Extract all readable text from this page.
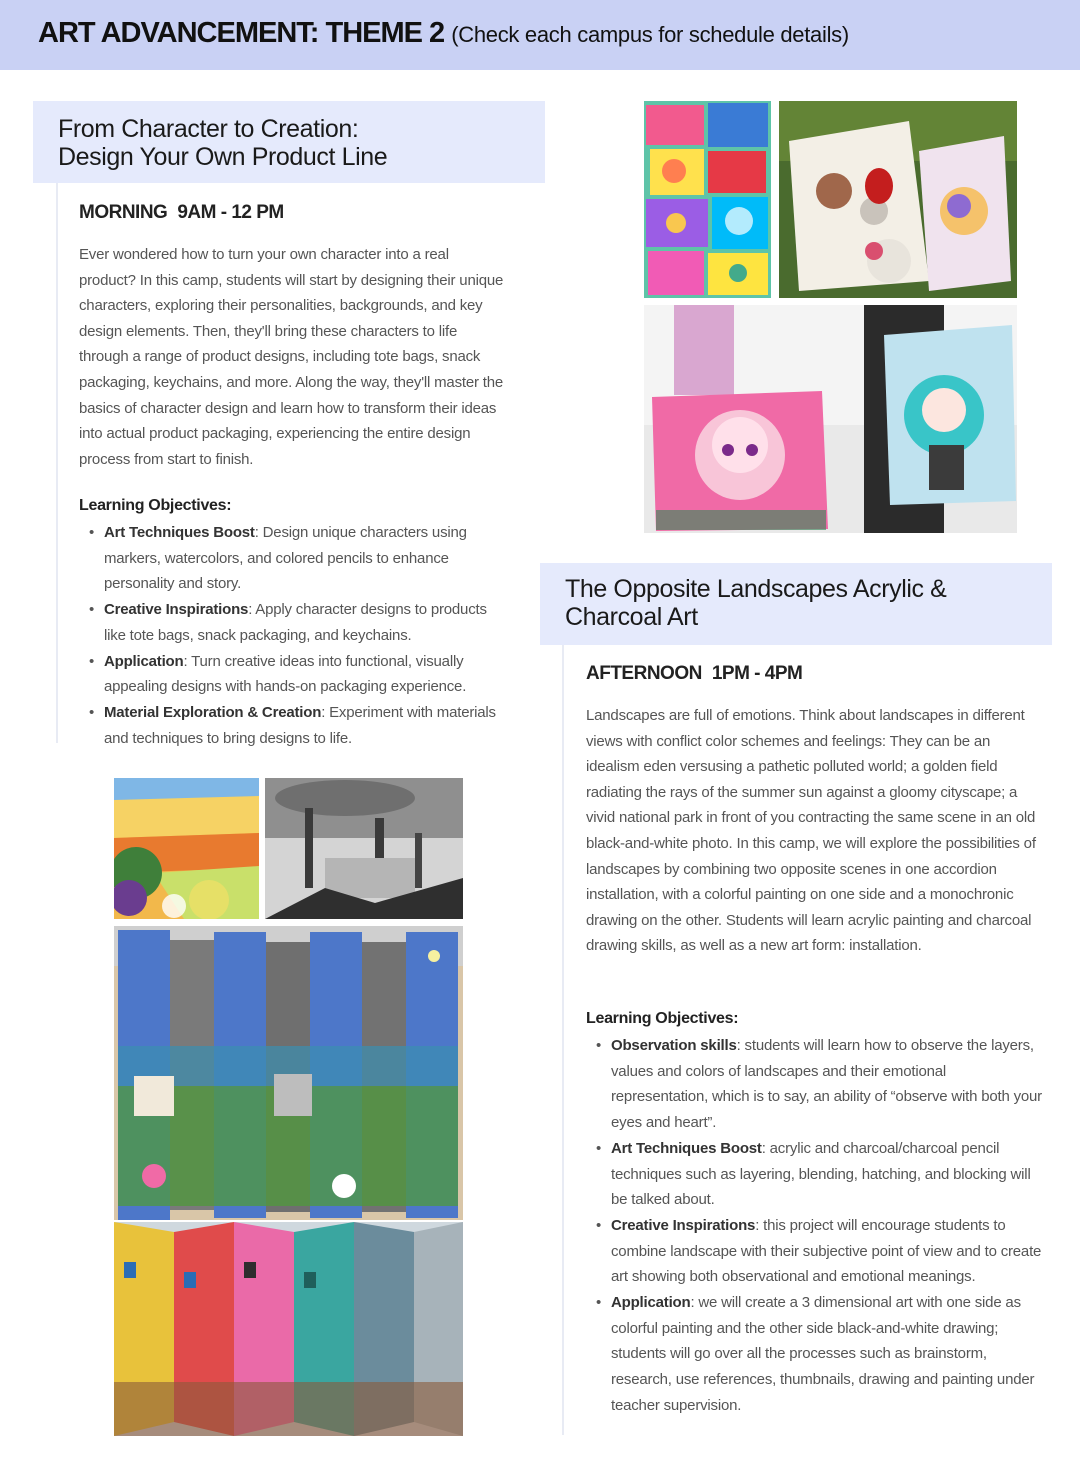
ART ADVANCEMENT: THEME 2 (Check each campus for schedule details)
From Character to Creation:
Design Your Own Product Line
MORNING 9AM - 12 PM

Ever wondered how to turn your own character into a real product? In this camp, students will start by designing their unique characters, exploring their personalities, backgrounds, and key design elements. Then, they'll bring these characters to life through a range of product designs, including tote bags, snack packaging, keychains, and more. Along the way, they'll master the basics of character design and learn how to transform their ideas into actual product packaging, experiencing the entire design process from start to finish.

Learning Objectives:
• Art Techniques Boost: Design unique characters using markers, watercolors, and colored pencils to enhance personality and story.
• Creative Inspirations: Apply character designs to products like tote bags, snack packaging, and keychains.
• Application: Turn creative ideas into functional, visually appealing designs with hands-on packaging experience.
• Material Exploration & Creation: Experiment with materials and techniques to bring designs to life.
The Opposite Landscapes Acrylic &
Charcoal Art
AFTERNOON 1PM - 4PM

Landscapes are full of emotions. Think about landscapes in different views with conflict color schemes and feelings: They can be an idealism eden versusing a pathetic polluted world; a golden field radiating the rays of the summer sun against a gloomy cityscape; a vivid national park in front of you contracting the same scene in an old black-and-white photo. In this camp, we will explore the possibilities of landscapes by combining two opposite scenes in one accordion installation, with a colorful painting on one side and a monochronic drawing on the other. Students will learn acrylic painting and charcoal drawing skills, as well as a new art form: installation.

Learning Objectives:
• Observation skills: students will learn how to observe the layers, values and colors of landscapes and their emotional representation, which is to say, an ability of “observe with both your eyes and heart”.
• Art Techniques Boost: acrylic and charcoal/charcoal pencil techniques such as layering, blending, hatching, and blocking will be talked about.
• Creative Inspirations: this project will encourage students to combine landscape with their subjective point of view and to create art showing both observational and emotional meanings.
• Application: we will create a 3 dimensional art with one side as colorful painting and the other side black-and-white drawing; students will go over all the processes such as brainstorm, research, use references, thumbnails, drawing and painting under teacher supervision.
